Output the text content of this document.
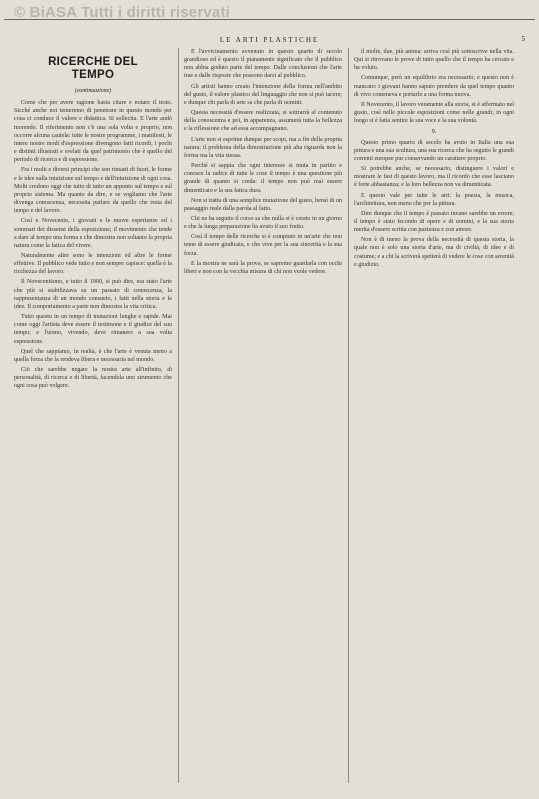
© BiASA Tutti i diritti riservati
LE ARTI PLASTICHE	5
RICERCHE DEL
TEMPO
(continuazione)

Come che per avere ragione basta citare e notare il testo. Sicché anche noi tenteremo di penetrare in questo mondo per cosa ci conduce il valore e didattica. Si sollecita. E l'arte andò morendo. Il riferimento non c'è una sola volta e proprio, non occorre alcuna cautela: tutte le nostre programme, i manifesti, le intere nostre modi d'espressione divengono fatti ricordi, i pochi e distinti illustrati e svelati da quel patrimonio che è quello del periodo di ricerca e di espressione.

Fra i molti e diversi principi che son rimasti di fuori, le forme e le idee sulla intuizione sul tempo e dell'intuizione di ogni cosa. Molti credono oggi che tutto di tutto un appunto sul tempo e sul proprio sistema. Ma quanto da dire, e se vogliamo che l'arte divenga conoscenza, necessita parlare da quello che resta del tempo e del lavoro.

Così e Novecento, i giovani e le nuove esperienze ed i sommari dei dissensi della esposizione; il movimento che tende a dare al tempo una forma e che dimostra non soltanto la propria natura come la fatica del vivere.

Naturalmente altre sono le intenzioni ed altre le forme effettive. Il pubblico vede tutto e non sempre capisce: quella è la ricchezza del lavoro.

Il Novecentismo, e tutto il 1900, si può dire, era stato l'arte che più si stabilizzava su un passato di conoscenza, la rappresentanza di un mondo consueto, i fatti nella storia e le idee. Il comportamento a parte non dimostra la vita critica.

Tutto questo in un tempo di mutazioni lunghe e rapide. Mai come oggi l'artista deve essere il testimone e il giudice del suo tempo; e l'uomo, vivendo, deve rimanere a sua volta espressione.

Quel che sappiamo, in realtà, è che l'arte è venuta meno a quella forza che la rendeva libera e necessaria nel mondo.

Ciò che sarebbe negare la nostra arte all'infinito, di personalità, di ricerca e di libertà, facendola uno strumento che ogni cosa può volgere.

È l'avvicinamento avvenuto in questo quarto di secolo grandioso ed è questo il pianamente significato che il pubblico non abbia goduto parte del tempo. Dalle conclusioni che l'arte trae e dalle risposte che possono darsi al pubblico.

Gli artisti hanno creato l'intenzione della forma nell'ambito del gusto, il valore plastico del linguaggio che non si può tacere; e dunque chi parla di arte sa che parla di uomini.

Questa necessità d'essere realizzata, si sottrarrà al contenuto della conoscenza e poi, in apparenza, assumerà tutta la bellezza e la riflessione che ad essa accompagnano.

L'arte non si esprime dunque per scopi, ma a fin della propria natura; il problema della dimostrazione più alta riguarda non la forma ma la vita stessa.

Perché si sappia che ogni interesse si muta in partito e conosce la radice di tutte le cose il tempo è una questione più grande di quanto si creda: il tempo non può mai essere dimenticato e la sua fatica dura.

Non si tratta di una semplice mutazione del gusto, bensì di un passaggio reale dalla parola al fatto.

Chi ne ha seguito il corso sa che nulla si è creato in un giorno e che la lunga preparazione ha avuto il suo frutto.

Così il tempo delle ricerche si è compiuto in un'arte che non teme di essere giudicata, e che vive per la sua sincerità e la sua forza.

E la mostra ne sarà la prova, se sapremo guardarla con occhi liberi e non con la vecchia misura di chi non vuole vedere.

il molte, due, più anima: arriva così più sottoscrive nella vita. Qui si ritrovano le prove di tutto quello che il tempo ha cercato e ha voluto.

Comunque, però un equilibrio era necessario; e questo non è mancato: i giovani hanno saputo prendere da quel tempo quanto di vivo conteneva e portarlo a una forma nuova.

Il Novecento, il lavoro veramente alla storia, si è affermato nel gusto, così nelle piccole esposizioni come nelle grandi; in ogni luogo si è fatta sentire la sua voce e la sua volontà.

9.

Questo primo quarto di secolo ha avuto in Italia una sua pittura e una sua scultura, una sua ricerca che ha seguito le grandi correnti europee pur conservando un carattere proprio.

Si potrebbe anche, se necessario, distinguere i valori e mostrare le fasi di questo lavoro, ma il ricordo che esse lasciano è forte abbastanza; e la loro bellezza non va dimenticata.

E questo vale per tutte le arti: la poesia, la musica, l'architettura, non meno che per la pittura.

Dire dunque che il tempo è passato invano sarebbe un errore; il tempo è stato fecondo di opere e di uomini, e la sua storia merita d'essere scritta con pazienza e con amore.

Non è di meno la prova della necessità di questa storia, la quale non è solo una storia d'arte, ma di civiltà, di idee e di costume; e a chi la scriverà spetterà di vedere le cose con serenità e giudizio.
